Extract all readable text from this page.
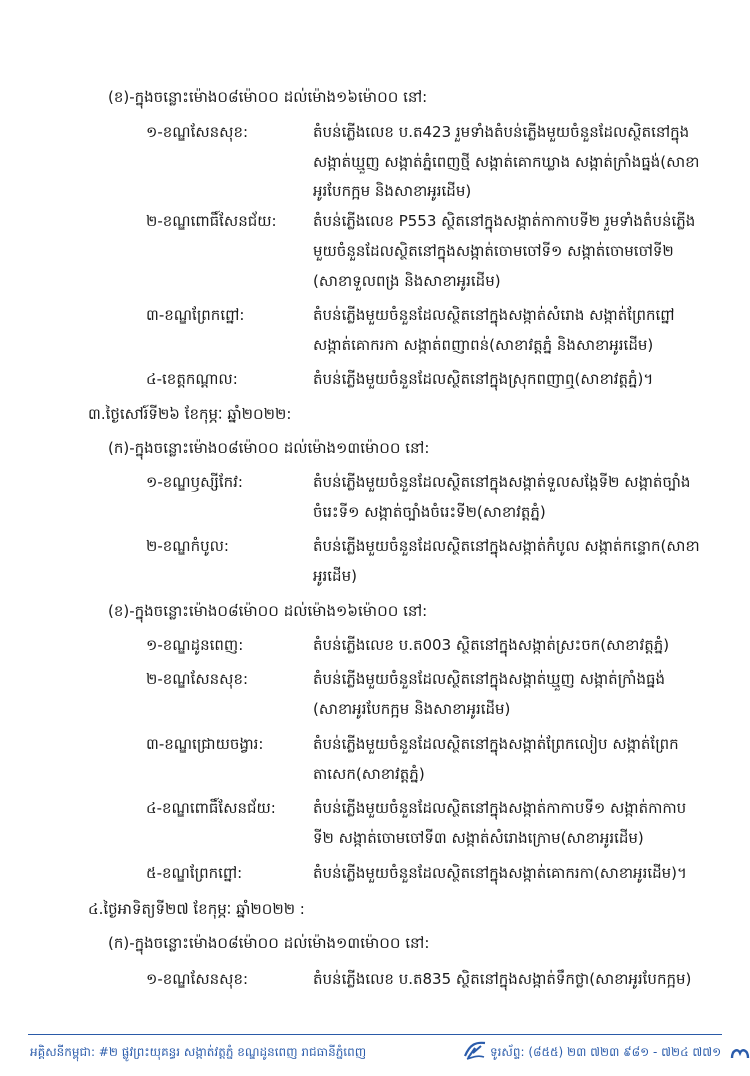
(ខ)-ក្នុងចន្លោះម៉ោង០៨ម៉ោ០០ ដល់ម៉ោង១៦ម៉ោ០០ នៅ:
១-ខណ្ឌសែនសុខ:	តំបន់ភ្លើងលេខ ប.ត423 រួមទាំងតំបន់ភ្លើងមួយចំនួនដែលស្ថិតនៅក្នុង
សង្កាត់ឃ្មួញ សង្កាត់ភ្នំពេញថ្មី សង្កាត់គោកឃ្លាង សង្កាត់ក្រាំងធ្នង់(សាខា
អូរបែកក្អម និងសាខាអូរដើម)
២-ខណ្ឌពោធិ៍សែនជ័យ: តំបន់ភ្លើងលេខ P553 ស្ថិតនៅក្នុងសង្កាត់កាកាបទី២ រួមទាំងតំបន់ភ្លើង
មួយចំនួនដែលស្ថិតនៅក្នុងសង្កាត់ចោមចៅទី១ សង្កាត់ចោមចៅទី២
(សាខាទួលពង្រ និងសាខាអូរដើម)
៣-ខណ្ឌព្រែកព្នៅ:	តំបន់ភ្លើងមួយចំនួនដែលស្ថិតនៅក្នុងសង្កាត់សំរោង សង្កាត់ព្រែកព្នៅ
សង្កាត់គោករកា សង្កាត់ពញាពន់(សាខាវត្តភ្នំ និងសាខាអូរដើម)
៤-ខេត្តកណ្ដាល:	តំបន់ភ្លើងមួយចំនួនដែលស្ថិតនៅក្នុងស្រុកពញាឮ(សាខាវត្តភ្នំ)។
៣.ថ្ងៃសៅរ៍ទី២៦ ខែកុម្ភៈ ឆ្នាំ២០២២:
(ក)-ក្នុងចន្លោះម៉ោង០៨ម៉ោ០០ ដល់ម៉ោង១៣ម៉ោ០០ នៅ:
១-ខណ្ឌឫស្សីកែវ:	តំបន់ភ្លើងមួយចំនួនដែលស្ថិតនៅក្នុងសង្កាត់ទួលសង្កែទី២ សង្កាត់ច្បាំង
ចំរេះទី១ សង្កាត់ច្បាំងចំរេះទី២(សាខាវត្តភ្នំ)
២-ខណ្ឌកំបូល:	តំបន់ភ្លើងមួយចំនួនដែលស្ថិតនៅក្នុងសង្កាត់កំបូល សង្កាត់កន្ទោក(សាខា
អូរដើម)
(ខ)-ក្នុងចន្លោះម៉ោង០៨ម៉ោ០០ ដល់ម៉ោង១៦ម៉ោ០០ នៅ:
១-ខណ្ឌដូនពេញ:	តំបន់ភ្លើងលេខ ប.ត003 ស្ថិតនៅក្នុងសង្កាត់ស្រះចក(សាខាវត្តភ្នំ)
២-ខណ្ឌសែនសុខ:	តំបន់ភ្លើងមួយចំនួនដែលស្ថិតនៅក្នុងសង្កាត់ឃ្មួញ សង្កាត់ក្រាំងធ្នង់
(សាខាអូរបែកក្អម និងសាខាអូរដើម)
៣-ខណ្ឌជ្រោយចង្វារ:	តំបន់ភ្លើងមួយចំនួនដែលស្ថិតនៅក្នុងសង្កាត់ព្រែកលៀប សង្កាត់ព្រែក
តាសេក(សាខាវត្តភ្នំ)
៤-ខណ្ឌពោធិ៍សែនជ័យ: តំបន់ភ្លើងមួយចំនួនដែលស្ថិតនៅក្នុងសង្កាត់កាកាបទី១ សង្កាត់កាកាប
ទី២ សង្កាត់ចោមចៅទី៣ សង្កាត់សំរោងក្រោម(សាខាអូរដើម)
៥-ខណ្ឌព្រែកព្នៅ:	តំបន់ភ្លើងមួយចំនួនដែលស្ថិតនៅក្នុងសង្កាត់គោករកា(សាខាអូរដើម)។
៤.ថ្ងៃអាទិត្យទី២៧ ខែកុម្ភៈ ឆ្នាំ២០២២ :
(ក)-ក្នុងចន្លោះម៉ោង០៨ម៉ោ០០ ដល់ម៉ោង១៣ម៉ោ០០ នៅ:
១-ខណ្ឌសែនសុខ:	តំបន់ភ្លើងលេខ ប.ត835 ស្ថិតនៅក្នុងសង្កាត់ទឹកថ្លា(សាខាអូរបែកក្អម)
អគ្គិសនីកម្ពុជា: #២ ផ្លូវព្រះយុគន្ធរ សង្កាត់វត្តភ្នំ ខណ្ឌដូនពេញ រាជធានីភ្នំពេញ	ទូរស័ព្ទ: (៨៥៥) ២៣ ៧២៣ ៩៨១ - ៧២៤ ៧៧១
